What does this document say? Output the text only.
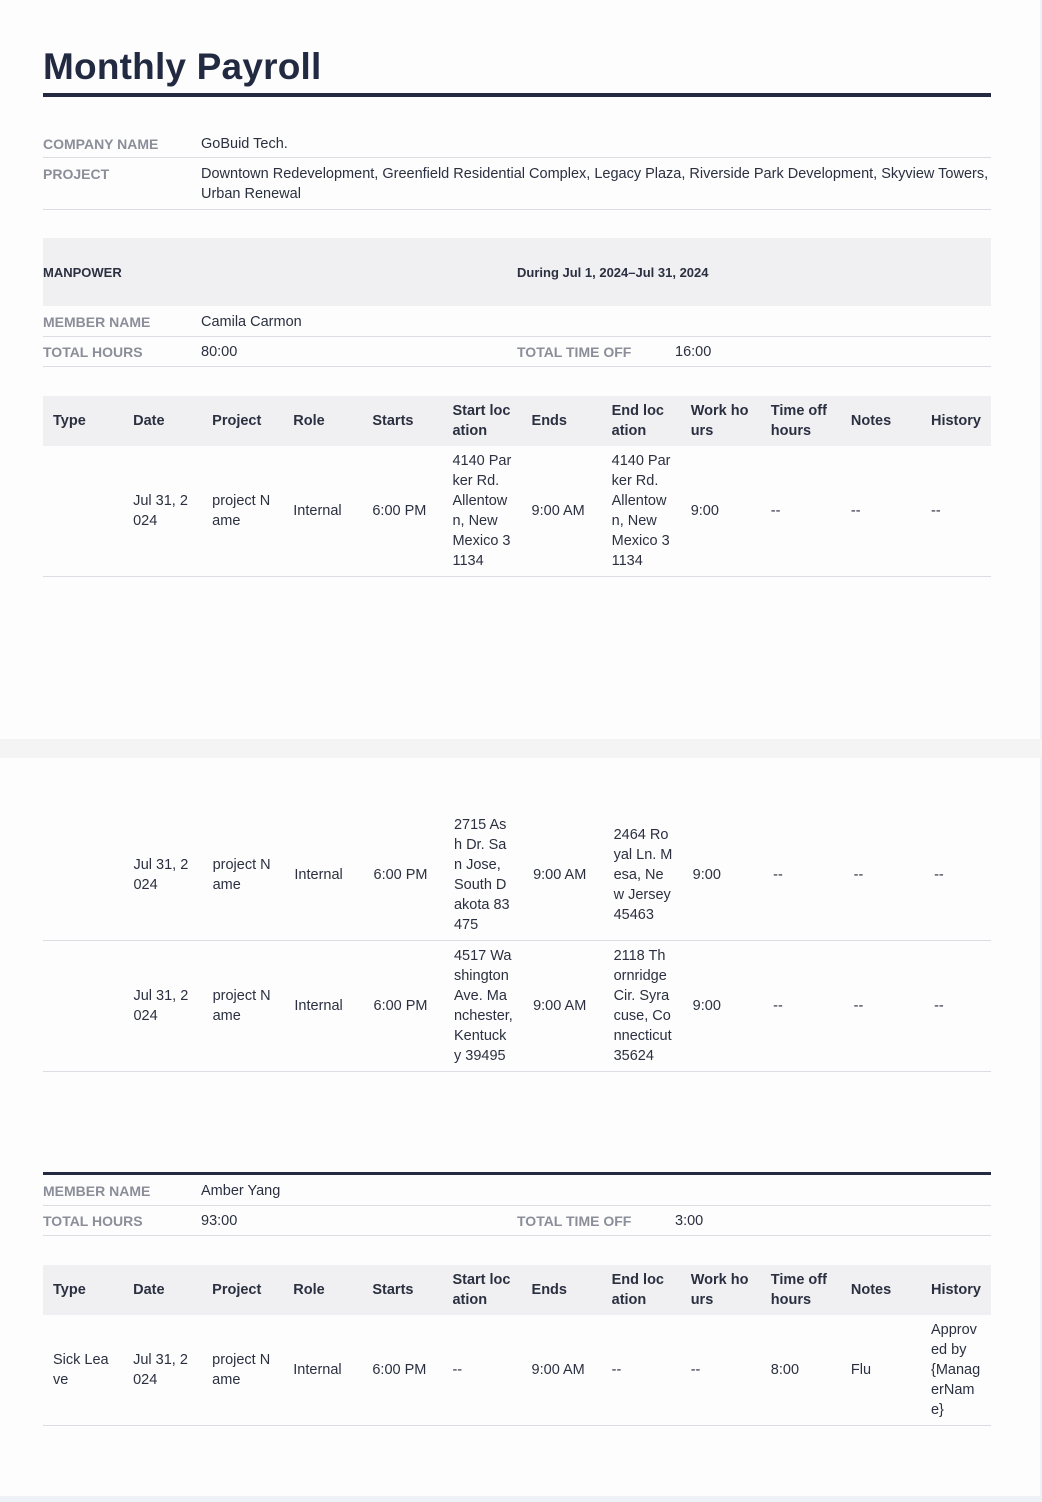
Monthly Payroll
COMPANY NAME	GoBuid Tech.
PROJECT	Downtown Redevelopment, Greenfield Residential Complex, Legacy Plaza, Riverside Park Development, Skyview Towers, Urban Renewal
MANPOWER	During Jul 1, 2024–Jul 31, 2024
MEMBER NAME	Camila Carmon
TOTAL HOURS	80:00	TOTAL TIME OFF	16:00
Type	Date	Project	Role	Starts	Start location	Ends	End location	Work hours	Time off hours	Notes	History
	Jul 31, 2024	project Name	Internal	6:00 PM	4140 Parker Rd. Allentown, New Mexico 31134	9:00 AM	4140 Parker Rd. Allentown, New Mexico 31134	9:00	--	--	--
	Jul 31, 2024	project Name	Internal	6:00 PM	2715 Ash Dr. San Jose, South Dakota 83475	9:00 AM	2464 Royal Ln. Mesa, New Jersey 45463	9:00	--	--	--
	Jul 31, 2024	project Name	Internal	6:00 PM	4517 Washington Ave. Manchester, Kentucky 39495	9:00 AM	2118 Thornridge Cir. Syracuse, Connecticut 35624	9:00	--	--	--
MEMBER NAME	Amber Yang
TOTAL HOURS	93:00	TOTAL TIME OFF	3:00
Type	Date	Project	Role	Starts	Start location	Ends	End location	Work hours	Time off hours	Notes	History
Sick Leave	Jul 31, 2024	project Name	Internal	6:00 PM	--	9:00 AM	--	--	8:00	Flu	Approved by {ManagerName}
